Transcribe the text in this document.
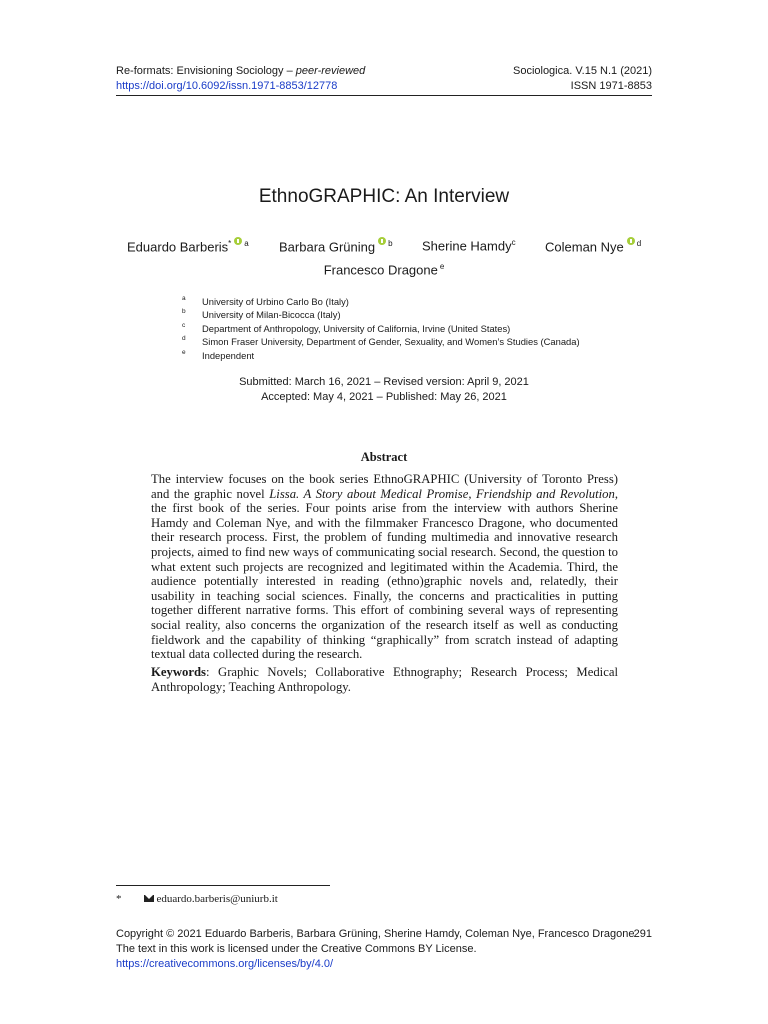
Re-formats: Envisioning Sociology – peer-reviewed
https://doi.org/10.6092/issn.1971-8853/12778
Sociologica. V.15 N.1 (2021)
ISSN 1971-8853
EthnoGRAPHIC: An Interview
Eduardo Barberis* $^a$ Barbara Grüning $^b$ Sherine Hamdy$^c$ Coleman Nye $^d$
Francesco Dragone $^e$
a University of Urbino Carlo Bo (Italy)
b University of Milan-Bicocca (Italy)
c Department of Anthropology, University of California, Irvine (United States)
d Simon Fraser University, Department of Gender, Sexuality, and Women’s Studies (Canada)
e Independent
Submitted: March 16, 2021 – Revised version: April 9, 2021
Accepted: May 4, 2021 – Published: May 26, 2021
Abstract
The interview focuses on the book series EthnoGRAPHIC (University of Toronto Press) and the graphic novel Lissa. A Story about Medical Promise, Friendship and Revolution, the first book of the series. Four points arise from the interview with authors Sherine Hamdy and Coleman Nye, and with the filmmaker Francesco Dragone, who documented their research process. First, the problem of funding multimedia and innovative research projects, aimed to find new ways of communicating social research. Second, the question to what extent such projects are recognized and legitimated within the Academia. Third, the audience potentially interested in reading (ethno)graphic novels and, relatedly, their usability in teaching social sciences. Finally, the concerns and practicalities in putting together different narrative forms. This effort of combining several ways of representing social reality, also concerns the organization of the research itself as well as conducting fieldwork and the capability of thinking “graphically” from scratch instead of adapting textual data collected during the research.
Keywords: Graphic Novels; Collaborative Ethnography; Research Process; Medical Anthropology; Teaching Anthropology.
*	eduardo.barberis@uniurb.it
Copyright © 2021 Eduardo Barberis, Barbara Grüning, Sherine Hamdy, Coleman Nye, Francesco Dragone
The text in this work is licensed under the Creative Commons BY License.
https://creativecommons.org/licenses/by/4.0/
291
